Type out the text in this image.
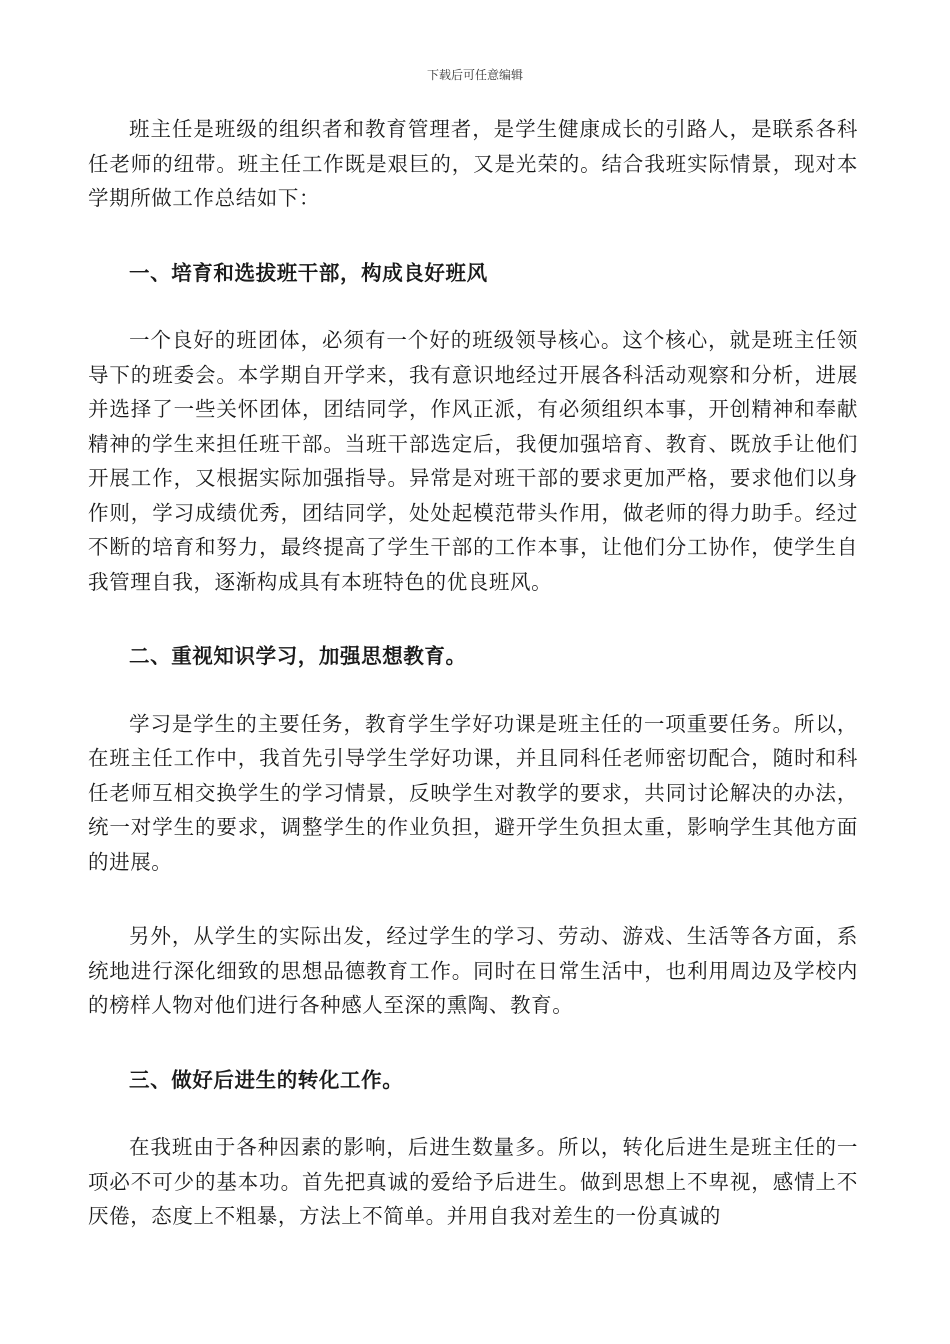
下载后可任意编辑

班主任是班级的组织者和教育管理者，是学生健康成长的引路人，是联系各科任老师的纽带。班主任工作既是艰巨的，又是光荣的。结合我班实际情景，现对本学期所做工作总结如下：

一、培育和选拔班干部，构成良好班风

一个良好的班团体，必须有一个好的班级领导核心。这个核心，就是班主任领导下的班委会。本学期自开学来，我有意识地经过开展各科活动观察和分析，进展并选择了一些关怀团体，团结同学，作风正派，有必须组织本事，开创精神和奉献精神的学生来担任班干部。当班干部选定后，我便加强培育、教育、既放手让他们开展工作，又根据实际加强指导。异常是对班干部的要求更加严格，要求他们以身作则，学习成绩优秀，团结同学，处处起模范带头作用，做老师的得力助手。经过不断的培育和努力，最终提高了学生干部的工作本事，让他们分工协作，使学生自我管理自我，逐渐构成具有本班特色的优良班风。

二、重视知识学习，加强思想教育。

学习是学生的主要任务，教育学生学好功课是班主任的一项重要任务。所以，在班主任工作中，我首先引导学生学好功课，并且同科任老师密切配合，随时和科任老师互相交换学生的学习情景，反映学生对教学的要求，共同讨论解决的办法，统一对学生的要求，调整学生的作业负担，避开学生负担太重，影响学生其他方面的进展。

另外，从学生的实际出发，经过学生的学习、劳动、游戏、生活等各方面，系统地进行深化细致的思想品德教育工作。同时在日常生活中，也利用周边及学校内的榜样人物对他们进行各种感人至深的熏陶、教育。

三、做好后进生的转化工作。

在我班由于各种因素的影响，后进生数量多。所以，转化后进生是班主任的一项必不可少的基本功。首先把真诚的爱给予后进生。做到思想上不卑视，感情上不厌倦，态度上不粗暴，方法上不简单。并用自我对差生的一份真诚的
